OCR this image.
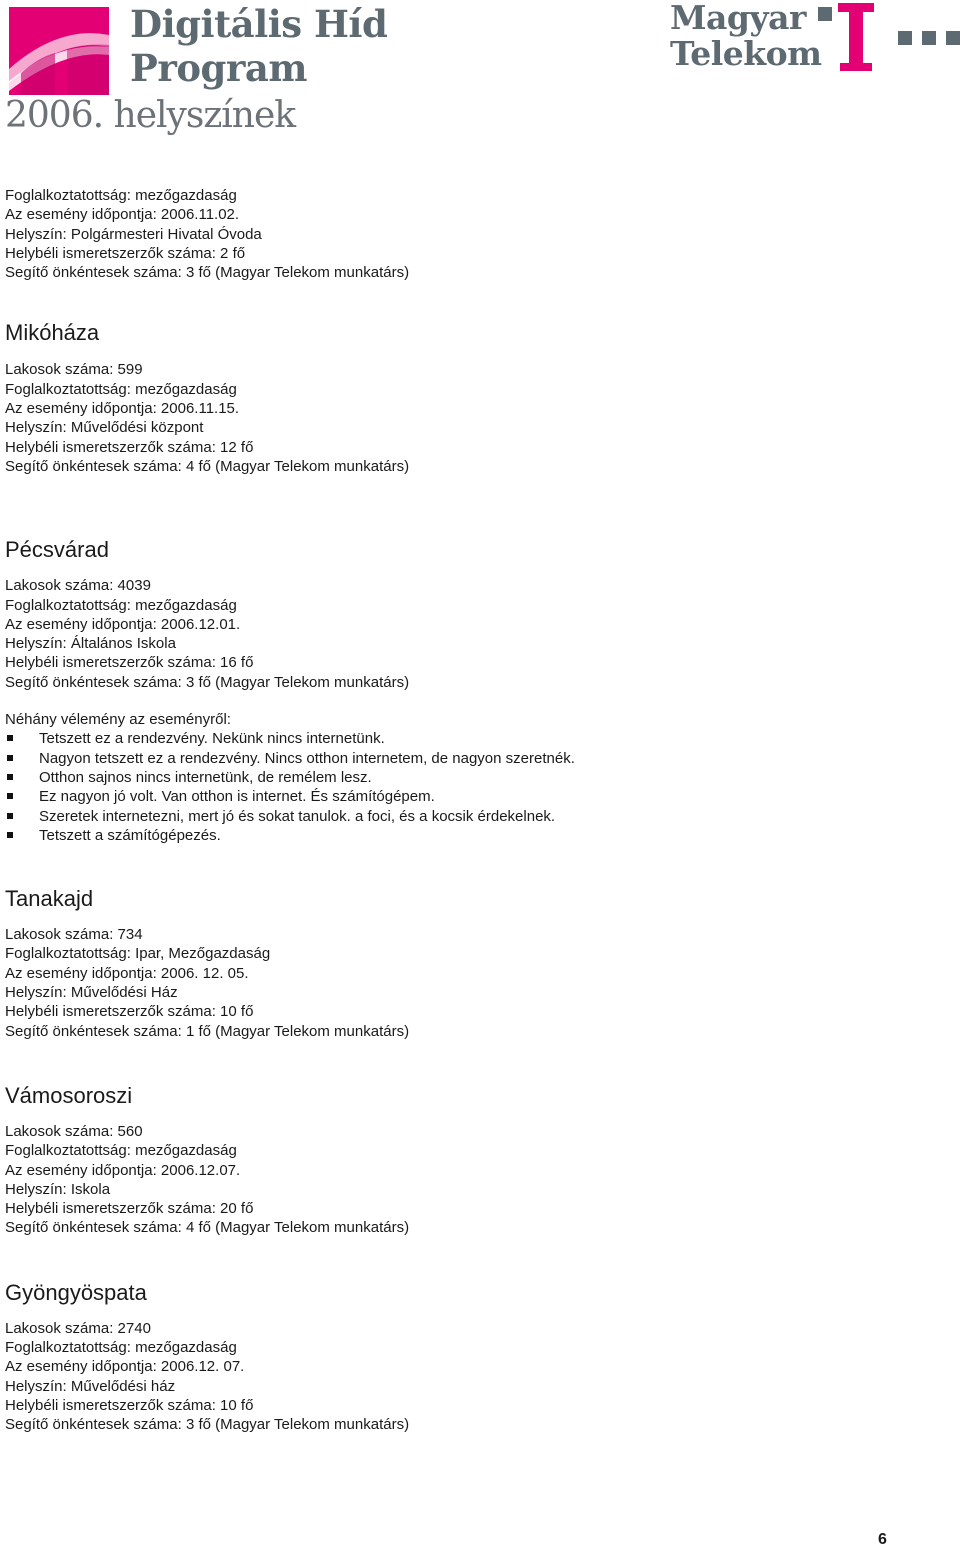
Digitális Híd
Program
Magyar
Telekom
2006. helyszínek
Foglalkoztatottság: mezőgazdaság
Az esemény időpontja: 2006.11.02.
Helyszín: Polgármesteri Hivatal Óvoda
Helybéli ismeretszerzők száma: 2 fő
Segítő önkéntesek száma: 3 fő (Magyar Telekom munkatárs)
Mikóháza
Lakosok száma: 599
Foglalkoztatottság: mezőgazdaság
Az esemény időpontja: 2006.11.15.
Helyszín: Művelődési központ
Helybéli ismeretszerzők száma: 12 fő
Segítő önkéntesek száma: 4 fő (Magyar Telekom munkatárs)
Pécsvárad
Lakosok száma: 4039
Foglalkoztatottság: mezőgazdaság
Az esemény időpontja: 2006.12.01.
Helyszín: Általános Iskola
Helybéli ismeretszerzők száma: 16 fő
Segítő önkéntesek száma: 3 fő (Magyar Telekom munkatárs)
Néhány vélemény az eseményről:
Tetszett ez a rendezvény. Nekünk nincs internetünk.
Nagyon tetszett ez a rendezvény. Nincs otthon internetem, de nagyon szeretnék.
Otthon sajnos nincs internetünk, de remélem lesz.
Ez nagyon jó volt. Van otthon is internet. És számítógépem.
Szeretek internetezni, mert jó és sokat tanulok. a foci, és a kocsik érdekelnek.
Tetszett a számítógépezés.
Tanakajd
Lakosok száma: 734
Foglalkoztatottság: Ipar, Mezőgazdaság
Az esemény időpontja: 2006. 12. 05.
Helyszín: Művelődési Ház
Helybéli ismeretszerzők száma: 10 fő
Segítő önkéntesek száma: 1 fő (Magyar Telekom munkatárs)
Vámosoroszi
Lakosok száma: 560
Foglalkoztatottság: mezőgazdaság
Az esemény időpontja: 2006.12.07.
Helyszín: Iskola
Helybéli ismeretszerzők száma: 20 fő
Segítő önkéntesek száma: 4 fő (Magyar Telekom munkatárs)
Gyöngyöspata
Lakosok száma: 2740
Foglalkoztatottság: mezőgazdaság
Az esemény időpontja: 2006.12. 07.
Helyszín: Művelődési ház
Helybéli ismeretszerzők száma: 10 fő
Segítő önkéntesek száma: 3 fő (Magyar Telekom munkatárs)
6
